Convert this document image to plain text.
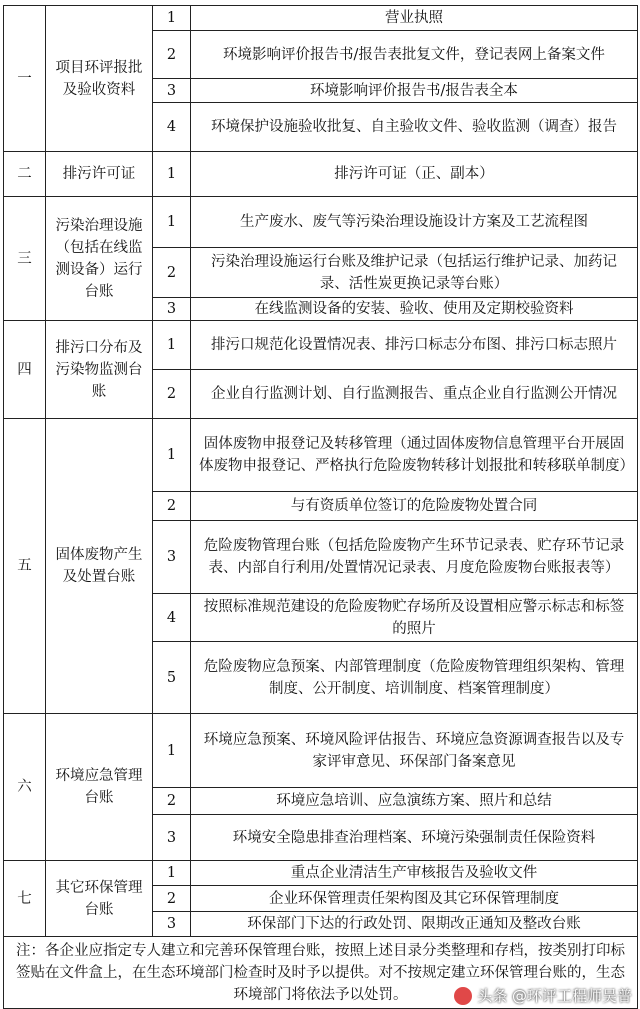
一	项目环评报批及验收资料	1	营业执照
		2	环境影响评价报告书/报告表批复文件，登记表网上备案文件
		3	环境影响评价报告书/报告表全本
		4	环境保护设施验收批复、自主验收文件、验收监测（调查）报告
二	排污许可证	1	排污许可证（正、副本）
三	污染治理设施（包括在线监测设备）运行台账	1	生产废水、废气等污染治理设施设计方案及工艺流程图
		2	污染治理设施运行台账及维护记录（包括运行维护记录、加药记录、活性炭更换记录等台账）
		3	在线监测设备的安装、验收、使用及定期校验资料
四	排污口分布及污染物监测台账	1	排污口规范化设置情况表、排污口标志分布图、排污口标志照片
		2	企业自行监测计划、自行监测报告、重点企业自行监测公开情况
五	固体废物产生及处置台账	1	固体废物申报登记及转移管理（通过固体废物信息管理平台开展固体废物申报登记、严格执行危险废物转移计划报批和转移联单制度）
		2	与有资质单位签订的危险废物处置合同
		3	危险废物管理台账（包括危险废物产生环节记录表、贮存环节记录表、内部自行利用/处置情况记录表、月度危险废物台账报表等）
		4	按照标准规范建设的危险废物贮存场所及设置相应警示标志和标签的照片
		5	危险废物应急预案、内部管理制度（危险废物管理组织架构、管理制度、公开制度、培训制度、档案管理制度）
六	环境应急管理台账	1	环境应急预案、环境风险评估报告、环境应急资源调查报告以及专家评审意见、环保部门备案意见
		2	环境应急培训、应急演练方案、照片和总结
		3	环境安全隐患排查治理档案、环境污染强制责任保险资料
七	其它环保管理台账	1	重点企业清洁生产审核报告及验收文件
		2	企业环保管理责任架构图及其它环保管理制度
		3	环保部门下达的行政处罚、限期改正通知及整改台账
注：各企业应指定专人建立和完善环保管理台账，按照上述目录分类整理和存档，按类别打印标签贴在文件盒上，在生态环境部门检查时及时予以提供。对不按规定建立环保管理台账的，生态环境部门将依法予以处罚。				头条 @环评工程师吴普
